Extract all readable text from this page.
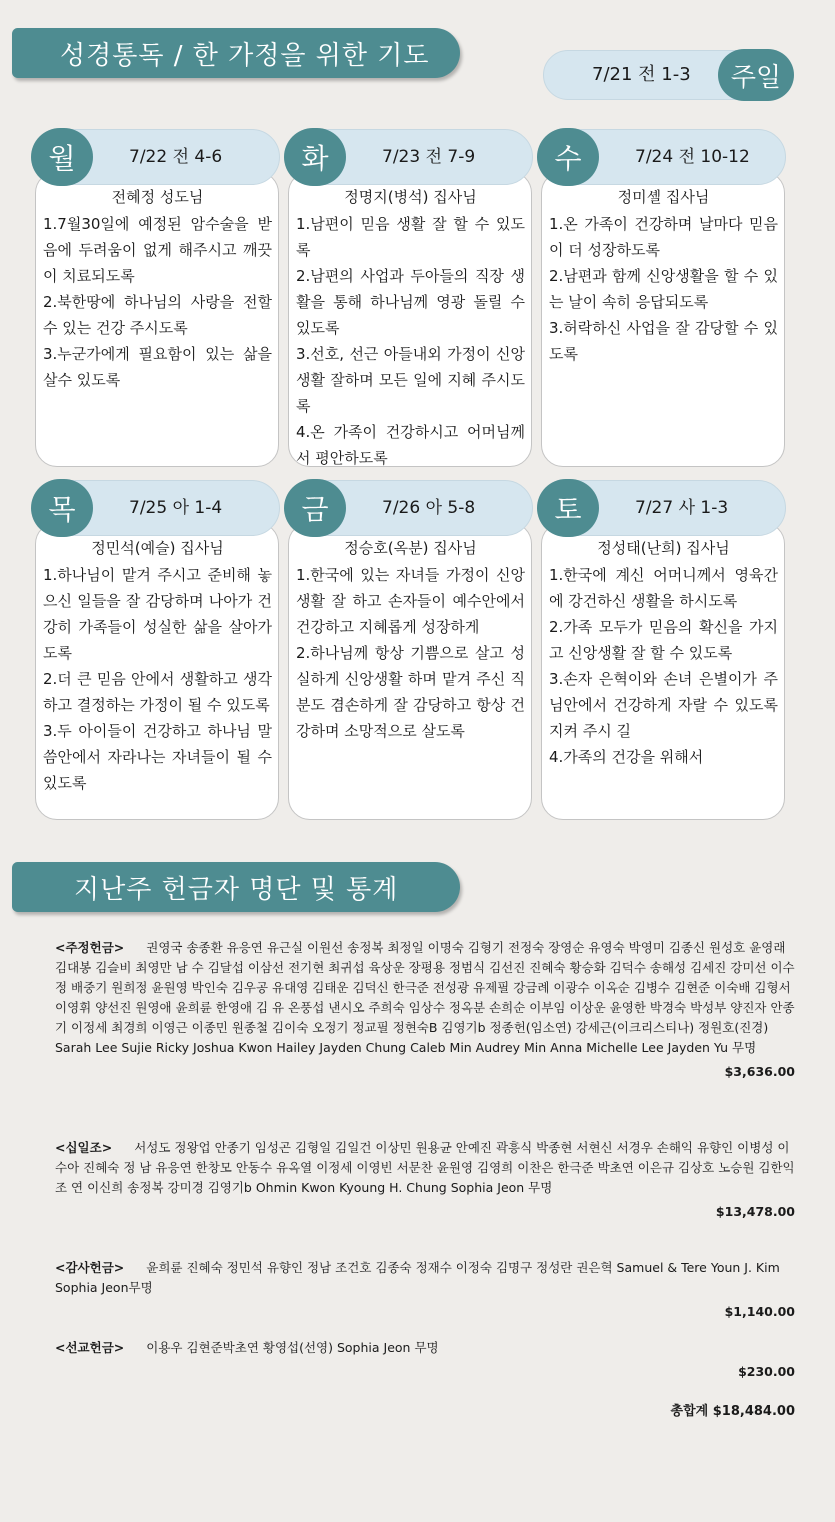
성경통독 / 한 가정을 위한 기도
7/21 전 1-3	주일
전혜정 성도님

1.7월30일에 예정된 암수술을 받음에 두려움이 없게 해주시고 깨끗이 치료되도록

2.북한땅에 하나님의 사랑을 전할 수 있는 건강 주시도록

3.누군가에게 필요함이 있는 삶을 살수 있도록

월	7/22 전 4-6
정명지(병석) 집사님

1.남편이 믿음 생활 잘 할 수 있도록

2.남편의 사업과 두아들의 직장 생활을 통해 하나님께 영광 돌릴 수 있도록

3.선호, 선근 아들내외 가정이 신앙생활 잘하며 모든 일에 지혜 주시도록

4.온 가족이 건강하시고 어머님께서 평안하도록

화	7/23 전 7-9
정미셸 집사님

1.온 가족이 건강하며 날마다 믿음이 더 성장하도록

2.남편과 함께 신앙생활을 할 수 있는 날이 속히 응답되도록

3.허락하신 사업을 잘 감당할 수 있도록

수	7/24 전 10-12
정민석(예슬) 집사님

1.하나님이 맡겨 주시고 준비해 놓으신 일들을 잘 감당하며 나아가 건강히 가족들이 성실한 삶을 살아가도록

2.더 큰 믿음 안에서 생활하고 생각하고 결정하는 가정이 될 수 있도록

3.두 아이들이 건강하고 하나님 말씀안에서 자라나는 자녀들이 될 수 있도록

목	7/25 아 1-4
정승호(옥분) 집사님

1.한국에 있는 자녀들 가정이 신앙생활 잘 하고 손자들이 예수안에서 건강하고 지혜롭게 성장하게

2.하나님께 항상 기쁨으로 살고 성실하게 신앙생활 하며 맡겨 주신 직분도 겸손하게 잘 감당하고 항상 건강하며 소망적으로 살도록

금	7/26 아 5-8
정성태(난희) 집사님

1.한국에 계신 어머니께서 영육간에 강건하신 생활을 하시도록

2.가족 모두가 믿음의 확신을 가지고 신앙생활 잘 할 수 있도록

3.손자 은혁이와 손녀 은별이가 주님안에서 건강하게 자랄 수 있도록 지켜 주시 길

4.가족의 건강을 위해서

토	7/27 사 1-3
지난주 헌금자 명단 및 통계
<주정헌금> 권영국 송종환 유응연 유근실 이원선 송정복 최정일 이명숙 김형기 전정숙 장영순 유영숙 박영미 김종신 원성호 윤영래 김대봉 김슬비 최영만 남 수 김달섭 이삼선 전기현 최귀섭 육상운 장평용 정범식 김선진 진혜숙 황승화 김덕수 송해성 김세진 강미선 이수정 배중기 원희정 윤원영 박인숙 김우공 유대영 김태운 김덕신 한극준 전성광 유제필 강금례 이광수 이옥순 김병수 김현준 이숙배 김형서 이영휘 양선진 원영애 윤희륜 한영애 김 유 온풍섭 낸시오 주희숙 임상수 정옥분 손희순 이부임 이상운 윤영한 박경숙 박성부 양진자 안종기 이정세 최경희 이영근 이종민 원종철 김이숙 오정기 정교필 정현숙B 김영기b 정종헌(임소연) 강세근(이크리스티나) 정원호(진경) Sarah Lee Sujie Ricky Joshua Kwon Hailey Jayden Chung Caleb Min Audrey Min Anna Michelle Lee Jayden Yu 무명
$3,636.00
<십일조> 서성도 정왕업 안종기 임성곤 김형일 김일건 이상민 원용균 안예진 곽흥식 박종현 서현신 서경우 손해익 유향인 이병성 이수아 진혜숙 정 남 유응연 한창모 안동수 유옥열 이정세 이영빈 서문찬 윤원영 김영희 이찬은 한극준 박초연 이은규 김상호 노승원 김한익 조 연 이신희 송정복 강미경 김영기b Ohmin Kwon Kyoung H. Chung Sophia Jeon 무명
$13,478.00
<감사헌금> 윤희륜 진혜숙 정민석 유향인 정남 조건호 김종숙 정재수 이정숙 김명구 정성란 권은혁 Samuel & Tere Youn J. Kim Sophia Jeon무명
$1,140.00
<선교헌금> 이용우 김현준박초연 황영섭(선영) Sophia Jeon 무명
$230.00
총합계 $18,484.00
